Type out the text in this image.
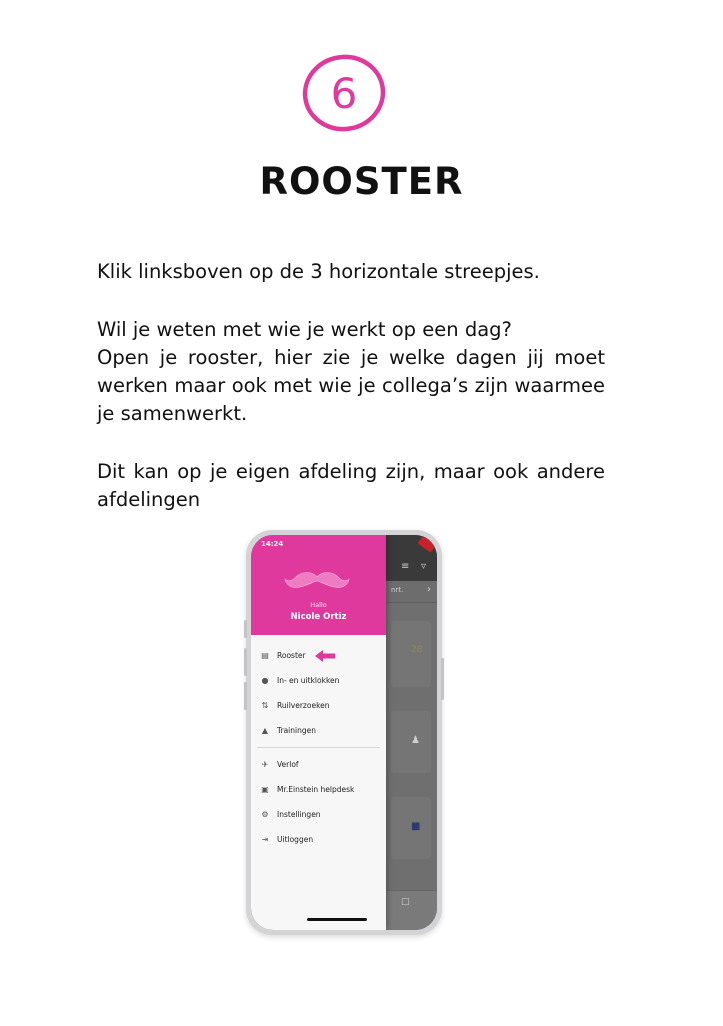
6
ROOSTER

Klik linksboven op de 3 horizontale streepjes.

Wil je weten met wie je werkt op een dag?
Open je rooster, hier zie je welke dagen jij moet werken maar ook met wie je collega’s zijn waarmee je samenwerkt.

Dit kan op je eigen afdeling zijn, maar ook andere afdelingen

≡ ▿
nrt. ›
28
♟
■
□
14:24
Hallo
Nicole Ortiz
▤ Rooster
● In- en uitklokken
⇅ Ruilverzoeken
▲ Trainingen
✈ Verlof
▣ Mr.Einstein helpdesk
⚙ Instellingen
⇥ Uitloggen
